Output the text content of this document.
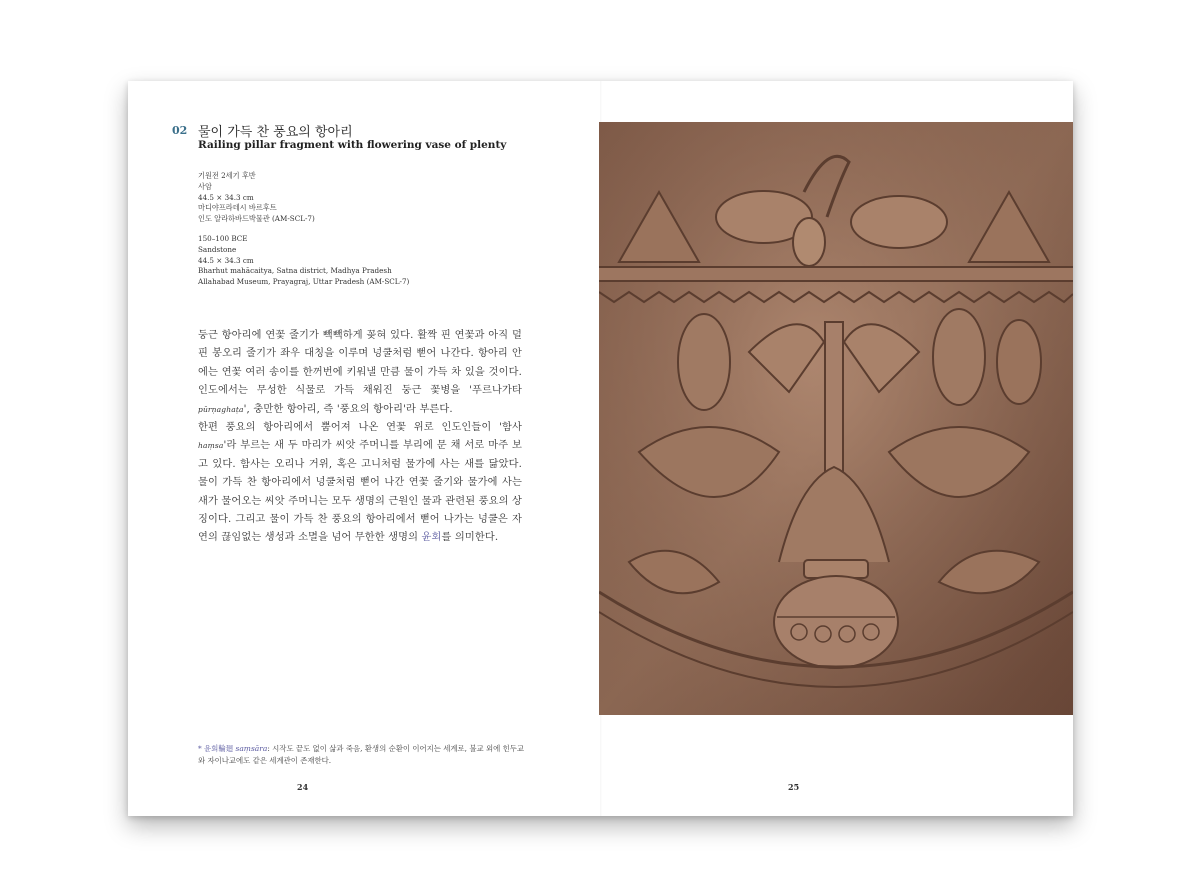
02 물이 가득 찬 풍요의 항아리
Railing pillar fragment with flowering vase of plenty
기원전 2세기 후반
사암
44.5 × 34.3 cm
마디야프라데시 바르후트
인도 알라하바드박물관 (AM-SCL-7)
150–100 BCE
Sandstone
44.5 × 34.3 cm
Bharhut mahācaitya, Satna district, Madhya Pradesh
Allahabad Museum, Prayagraj, Uttar Pradesh (AM-SCL-7)

둥근 항아리에 연꽃 줄기가 빽빽하게 꽂혀 있다. 활짝 핀 연꽃과 아직 덜 핀 봉오리 줄기가 좌우 대칭을 이루며 넝쿨처럼 뻗어 나간다. 항아리 안에는 연꽃 여러 송이를 한꺼번에 키워낼 만큼 물이 가득 차 있을 것이다. 인도에서는 무성한 식물로 가득 채워진 둥근 꽃병을 '푸르나가타pūrṇaghaṭa', 충만한 항아리, 즉 '풍요의 항아리'라 부른다.

한편 풍요의 항아리에서 뿜어져 나온 연꽃 위로 인도인들이 '함사haṃsa'라 부르는 새 두 마리가 씨앗 주머니를 부리에 문 채 서로 마주 보고 있다. 함사는 오리나 거위, 혹은 고니처럼 물가에 사는 새를 닮았다. 물이 가득 찬 항아리에서 넝쿨처럼 뻗어 나간 연꽃 줄기와 물가에 사는 새가 물어오는 씨앗 주머니는 모두 생명의 근원인 물과 관련된 풍요의 상징이다. 그리고 물이 가득 찬 풍요의 항아리에서 뻗어 나가는 넝쿨은 자연의 끊임없는 생성과 소멸을 넘어 무한한 생명의 윤회를 의미한다.

* 윤회輪廻 saṃsāra: 시작도 끝도 없이 삶과 죽음, 환생의 순환이 이어지는 세계로, 불교 외에 힌두교와 자이나교에도 같은 세계관이 존재한다.
24	25
